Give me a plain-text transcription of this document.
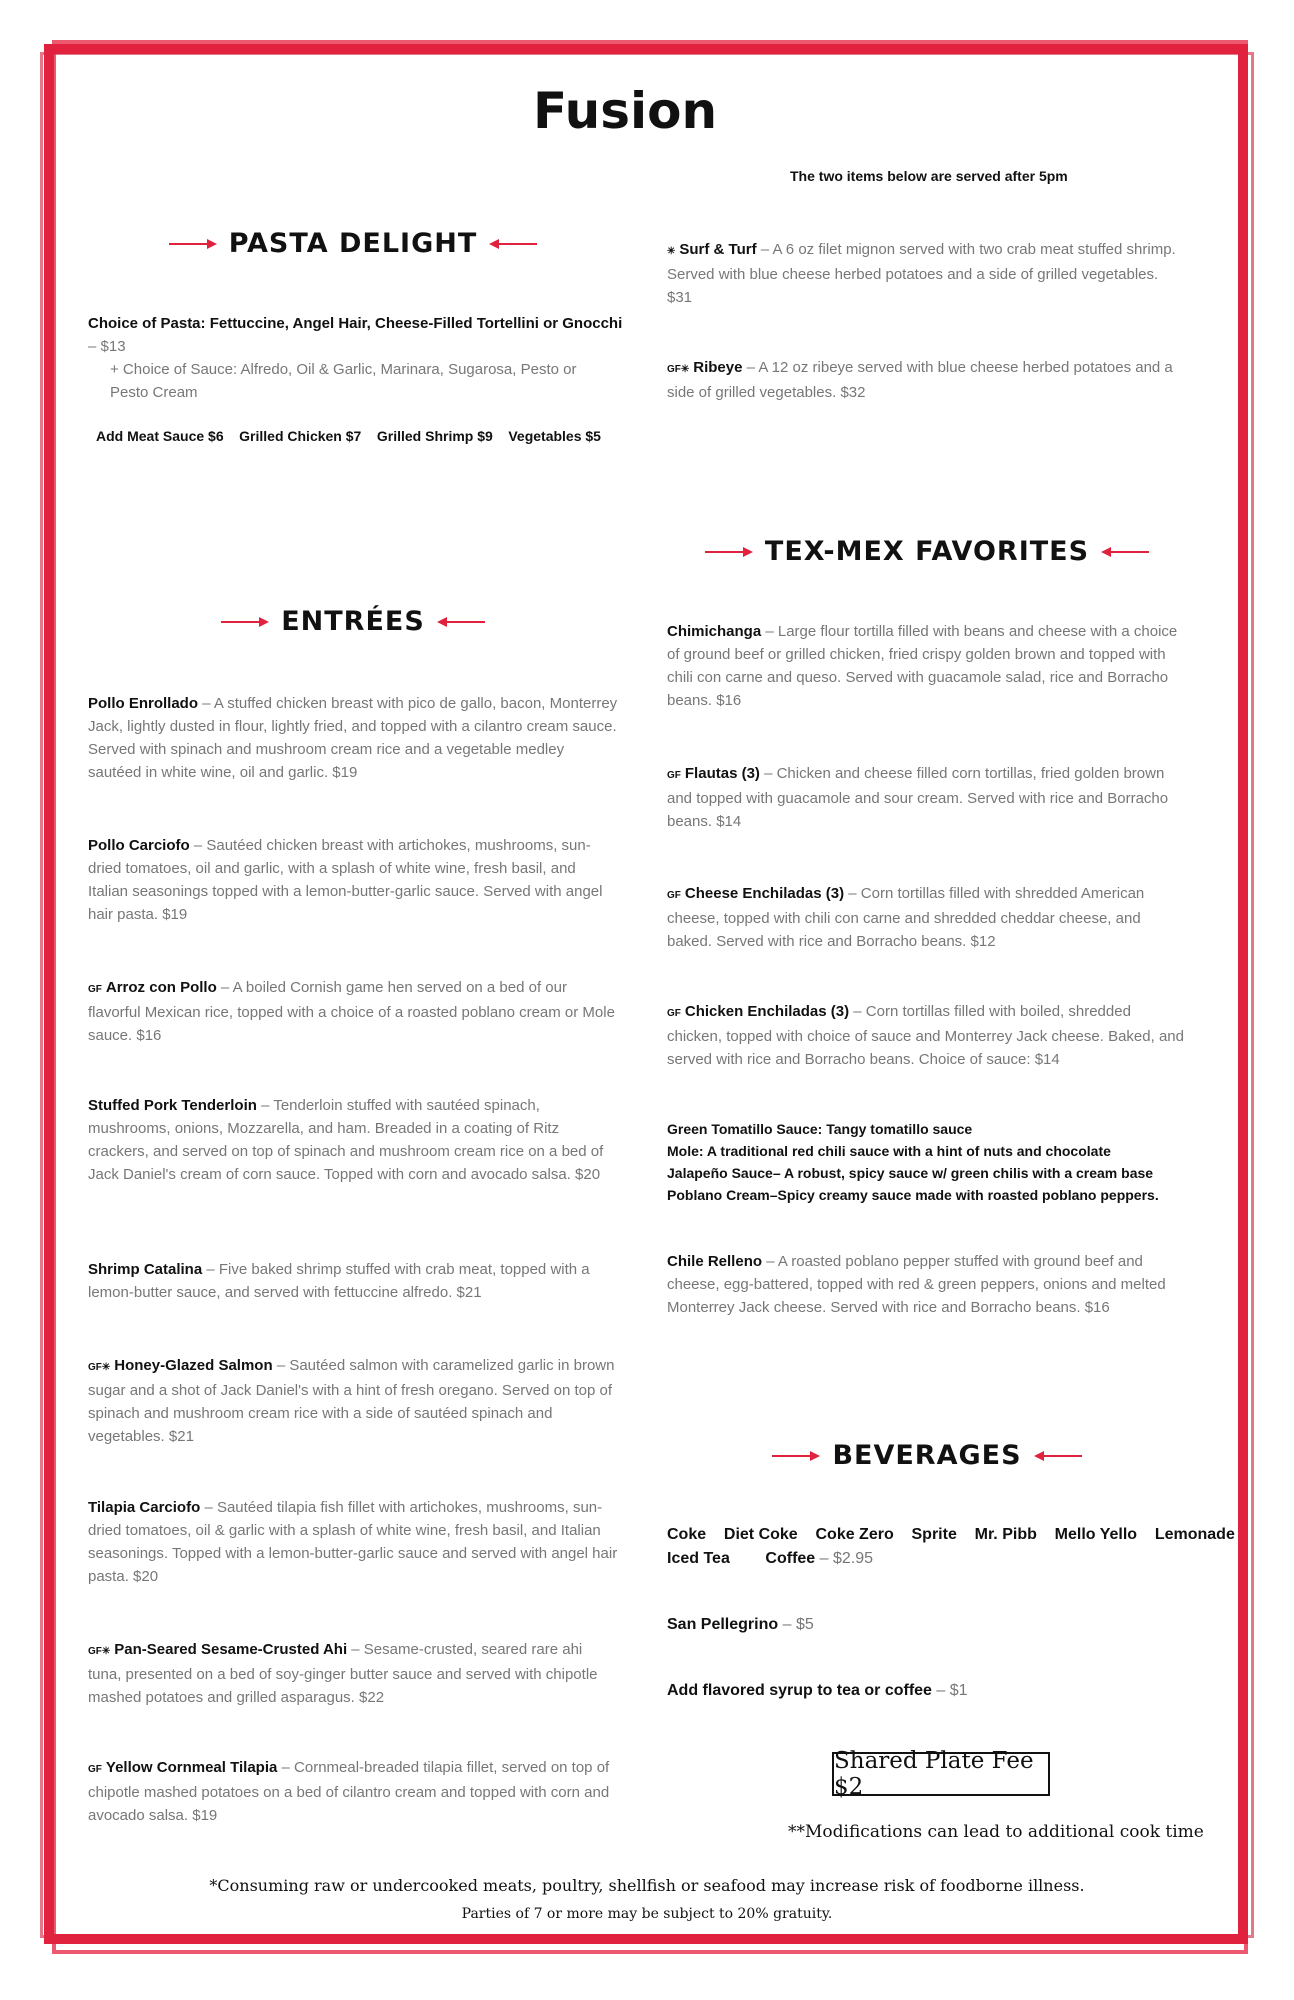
Fusion
PASTA DELIGHT
Choice of Pasta: Fettuccine, Angel Hair, Cheese-Filled Tortellini or Gnocchi – $13
+ Choice of Sauce: Alfredo, Oil & Garlic, Marinara, Sugarosa, Pesto or
Pesto Cream
Add Meat Sauce $6    Grilled Chicken $7    Grilled Shrimp $9    Vegetables $5
ENTRÉES
Pollo Enrollado – A stuffed chicken breast with pico de gallo, bacon, Monterrey Jack, lightly dusted in flour, lightly fried, and topped with a cilantro cream sauce. Served with spinach and mushroom cream rice and a vegetable medley sautéed in white wine, oil and garlic. $19
Pollo Carciofo – Sautéed chicken breast with artichokes, mushrooms, sun-dried tomatoes, oil and garlic, with a splash of white wine, fresh basil, and Italian seasonings topped with a lemon-butter-garlic sauce. Served with angel hair pasta. $19
GF Arroz con Pollo – A boiled Cornish game hen served on a bed of our flavorful Mexican rice, topped with a choice of a roasted poblano cream or Mole sauce. $16
Stuffed Pork Tenderloin – Tenderloin stuffed with sautéed spinach, mushrooms, onions, Mozzarella, and ham. Breaded in a coating of Ritz crackers, and served on top of spinach and mushroom cream rice on a bed of Jack Daniel's cream of corn sauce. Topped with corn and avocado salsa. $20
Shrimp Catalina – Five baked shrimp stuffed with crab meat, topped with a lemon-butter sauce, and served with fettuccine alfredo. $21
GF✳ Honey-Glazed Salmon – Sautéed salmon with caramelized garlic in brown sugar and a shot of Jack Daniel's with a hint of fresh oregano. Served on top of spinach and mushroom cream rice with a side of sautéed spinach and vegetables. $21
Tilapia Carciofo – Sautéed tilapia fish fillet with artichokes, mushrooms, sun-dried tomatoes, oil & garlic with a splash of white wine, fresh basil, and Italian seasonings. Topped with a lemon-butter-garlic sauce and served with angel hair pasta. $20
GF✳ Pan-Seared Sesame-Crusted Ahi – Sesame-crusted, seared rare ahi tuna, presented on a bed of soy-ginger butter sauce and served with chipotle mashed potatoes and grilled asparagus. $22
GF Yellow Cornmeal Tilapia – Cornmeal-breaded tilapia fillet, served on top of chipotle mashed potatoes on a bed of cilantro cream and topped with corn and avocado salsa. $19
The two items below are served after 5pm
✳ Surf & Turf – A 6 oz filet mignon served with two crab meat stuffed shrimp. Served with blue cheese herbed potatoes and a side of grilled vegetables. $31
GF✳ Ribeye – A 12 oz ribeye served with blue cheese herbed potatoes and a side of grilled vegetables. $32
TEX-MEX FAVORITES
Chimichanga – Large flour tortilla filled with beans and cheese with a choice of ground beef or grilled chicken, fried crispy golden brown and topped with chili con carne and queso. Served with guacamole salad, rice and Borracho beans. $16
GF Flautas (3) – Chicken and cheese filled corn tortillas, fried golden brown and topped with guacamole and sour cream. Served with rice and Borracho beans. $14
GF Cheese Enchiladas (3) – Corn tortillas filled with shredded American cheese, topped with chili con carne and shredded cheddar cheese, and baked. Served with rice and Borracho beans. $12
GF Chicken Enchiladas (3) – Corn tortillas filled with boiled, shredded chicken, topped with choice of sauce and Monterrey Jack cheese. Baked, and served with rice and Borracho beans. Choice of sauce: $14
Green Tomatillo Sauce: Tangy tomatillo sauce
Mole: A traditional red chili sauce with a hint of nuts and chocolate
Jalapeño Sauce– A robust, spicy sauce w/ green chilis with a cream base
Poblano Cream–Spicy creamy sauce made with roasted poblano peppers.
Chile Relleno – A roasted poblano pepper stuffed with ground beef and cheese, egg-battered, topped with red & green peppers, onions and melted Monterrey Jack cheese. Served with rice and Borracho beans. $16
BEVERAGES
Coke    Diet Coke    Coke Zero    Sprite    Mr. Pibb    Mello Yello    Lemonade
Iced Tea        Coffee – $2.95
San Pellegrino – $5
Add flavored syrup to tea or coffee – $1
Shared Plate Fee $2
**Modifications can lead to additional cook time
*Consuming raw or undercooked meats, poultry, shellfish or seafood may increase risk of foodborne illness.
Parties of 7 or more may be subject to 20% gratuity.
